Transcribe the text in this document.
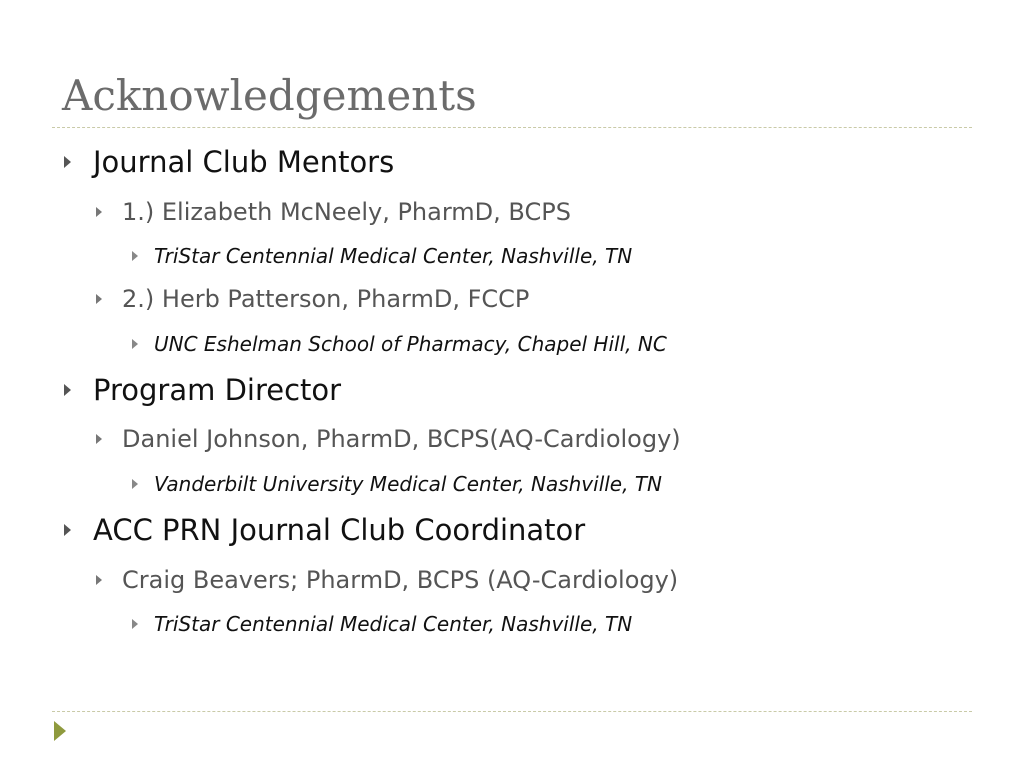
Acknowledgements
Journal Club Mentors
1.) Elizabeth McNeely, PharmD, BCPS
TriStar Centennial Medical Center, Nashville, TN
2.) Herb Patterson, PharmD, FCCP
UNC Eshelman School of Pharmacy, Chapel Hill, NC
Program Director
Daniel Johnson, PharmD, BCPS(AQ-Cardiology)
Vanderbilt University Medical Center, Nashville, TN
ACC PRN Journal Club Coordinator
Craig Beavers; PharmD, BCPS (AQ-Cardiology)
TriStar Centennial Medical Center, Nashville, TN
